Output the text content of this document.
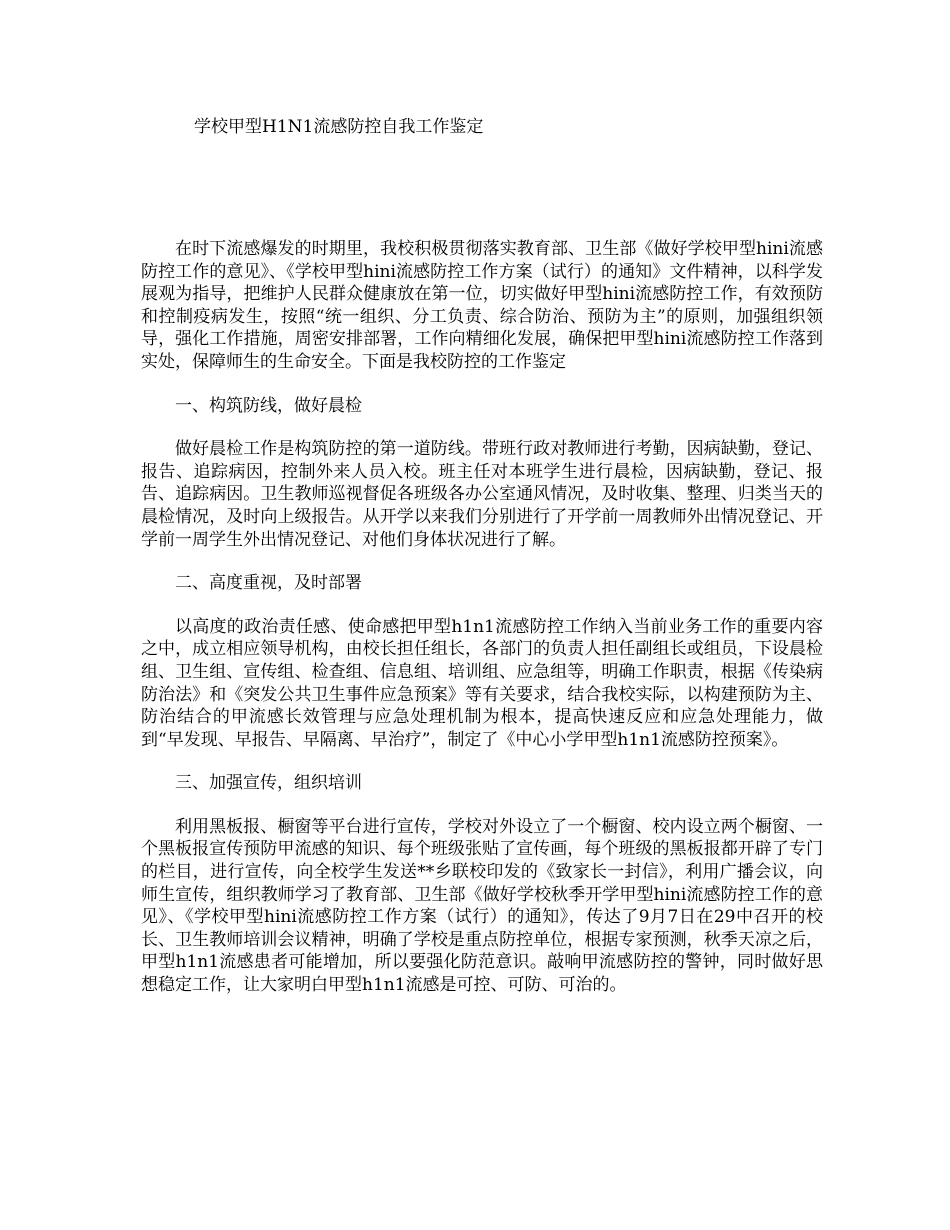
学校甲型H1N1流感防控自我工作鉴定

在时下流感爆发的时期里，我校积极贯彻落实教育部、卫生部《做好学校甲型hini流感防控工作的意见》、《学校甲型hini流感防控工作方案（试行）的通知》文件精神，以科学发展观为指导，把维护人民群众健康放在第一位，切实做好甲型hini流感防控工作，有效预防和控制疫病发生，按照“统一组织、分工负责、综合防治、预防为主”的原则，加强组织领导，强化工作措施，周密安排部署，工作向精细化发展，确保把甲型hini流感防控工作落到实处，保障师生的生命安全。下面是我校防控的工作鉴定

一、构筑防线，做好晨检

做好晨检工作是构筑防控的第一道防线。带班行政对教师进行考勤，因病缺勤，登记、报告、追踪病因，控制外来人员入校。班主任对本班学生进行晨检，因病缺勤，登记、报告、追踪病因。卫生教师巡视督促各班级各办公室通风情况，及时收集、整理、归类当天的晨检情况，及时向上级报告。从开学以来我们分别进行了开学前一周教师外出情况登记、开学前一周学生外出情况登记、对他们身体状况进行了解。

二、高度重视，及时部署

以高度的政治责任感、使命感把甲型h1n1流感防控工作纳入当前业务工作的重要内容之中，成立相应领导机构，由校长担任组长，各部门的负责人担任副组长或组员，下设晨检组、卫生组、宣传组、检查组、信息组、培训组、应急组等，明确工作职责，根据《传染病防治法》和《突发公共卫生事件应急预案》等有关要求，结合我校实际，以构建预防为主、防治结合的甲流感长效管理与应急处理机制为根本，提高快速反应和应急处理能力，做到“早发现、早报告、早隔离、早治疗”，制定了《中心小学甲型h1n1流感防控预案》。

三、加强宣传，组织培训

利用黑板报、橱窗等平台进行宣传，学校对外设立了一个橱窗、校内设立两个橱窗、一个黑板报宣传预防甲流感的知识、每个班级张贴了宣传画，每个班级的黑板报都开辟了专门的栏目，进行宣传，向全校学生发送**乡联校印发的《致家长一封信》，利用广播会议，向师生宣传，组织教师学习了教育部、卫生部《做好学校秋季开学甲型hini流感防控工作的意见》、《学校甲型hini流感防控工作方案（试行）的通知》，传达了9月7日在29中召开的校长、卫生教师培训会议精神，明确了学校是重点防控单位，根据专家预测，秋季天凉之后，甲型h1n1流感患者可能增加，所以要强化防范意识。敲响甲流感防控的警钟，同时做好思想稳定工作，让大家明白甲型h1n1流感是可控、可防、可治的。
